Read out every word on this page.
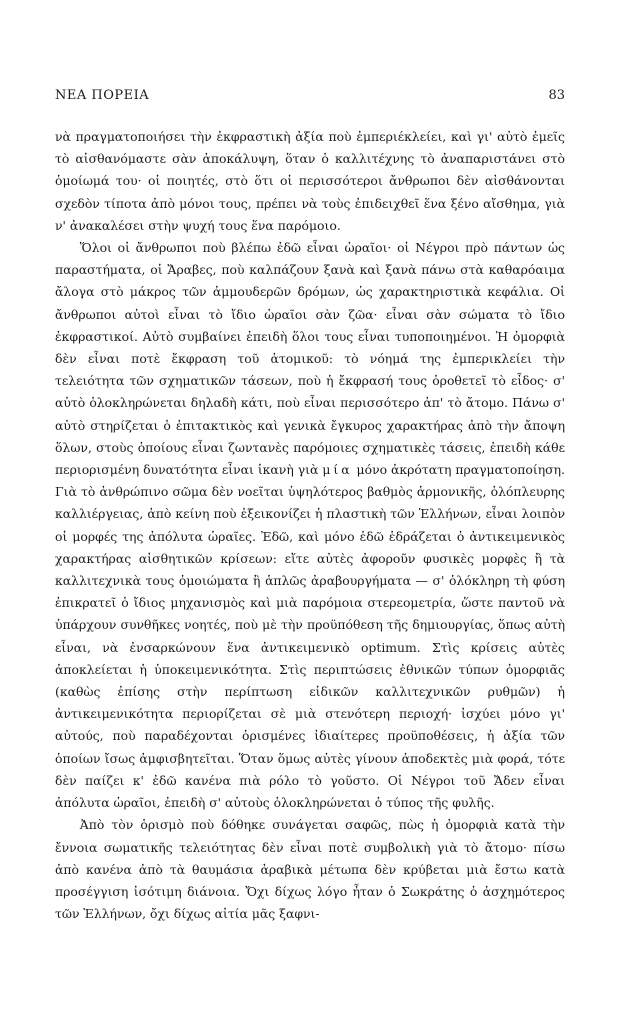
ΝΕΑ ΠΟΡΕΙΑ	83

νὰ πραγματοποιήσει τὴν ἐκφραστικὴ ἀξία ποὺ ἐμπεριέκλείει, καὶ γι' αὐτὸ ἐμεῖς τὸ αἰσθανόμαστε σὰν ἀποκάλυψη, ὅταν ὁ καλλιτέχνης τὸ ἀναπαριστάνει στὸ ὁμοίωμά του· οἱ ποιητές, στὸ ὅτι οἱ περισσότεροι ἄνθρωποι δὲν αἰσθάνονται σχεδὸν τίποτα ἀπὸ μόνοι τους, πρέπει νὰ τοὺς ἐπιδειχθεῖ ἕνα ξένο αἴσθημα, γιὰ ν' ἀνακαλέσει στὴν ψυχή τους ἕνα παρόμοιο.

Ὅλοι οἱ ἄνθρωποι ποὺ βλέπω ἐδῶ εἶναι ὡραῖοι· οἱ Νέγροι πρὸ πάντων ὡς παραστήματα, οἱ Ἄραβες, ποὺ καλπάζουν ξανὰ καὶ ξανὰ πάνω στὰ καθαρόαιμα ἄλογα στὸ μάκρος τῶν ἀμμουδερῶν δρόμων, ὡς χαρακτηριστικὰ κεφάλια. Οἱ ἄνθρωποι αὐτοὶ εἶναι τὸ ἴδιο ὡραῖοι σὰν ζῶα· εἶναι σὰν σώματα τὸ ἴδιο ἐκφραστικοί. Αὐτὸ συμβαίνει ἐπειδὴ ὅλοι τους εἶναι τυποποιημένοι. Ἡ ὀμορφιὰ δὲν εἶναι ποτὲ ἔκφραση τοῦ ἀτομικοῦ: τὸ νόημά της ἐμπερικλείει τὴν τελειότητα τῶν σχηματικῶν τάσεων, ποὺ ἡ ἔκφρασή τους ὁροθετεῖ τὸ εἶδος· σ' αὐτὸ ὁλοκληρώνεται δηλαδὴ κάτι, ποὺ εἶναι περισσότερο ἀπ' τὸ ἄτομο. Πάνω σ' αὐτὸ στηρίζεται ὁ ἐπιτακτικὸς καὶ γενικὰ ἔγκυρος χαρακτήρας ἀπὸ τὴν ἄποψη ὅλων, στοὺς ὁποίους εἶναι ζωντανὲς παρόμοιες σχηματικὲς τάσεις, ἐπειδὴ κάθε περιορισμένη δυνατότητα εἶναι ἱκανὴ γιὰ μία μόνο ἀκρότατη πραγματοποίηση. Γιὰ τὸ ἀνθρώπινο σῶμα δὲν νοεῖται ὑψηλότερος βαθμὸς ἁρμονικῆς, ὁλόπλευρης καλλιέργειας, ἀπὸ κείνη ποὺ ἐξεικονίζει ἡ πλαστικὴ τῶν Ἑλλήνων, εἶναι λοιπὸν οἱ μορφές της ἀπόλυτα ὡραῖες. Ἐδῶ, καὶ μόνο ἐδῶ ἑδράζεται ὁ ἀντικειμενικὸς χαρακτήρας αἰσθητικῶν κρίσεων: εἴτε αὐτὲς ἀφοροῦν φυσικὲς μορφὲς ἢ τὰ καλλιτεχνικὰ τους ὁμοιώματα ἢ ἁπλῶς ἀραβουργήματα — σ' ὁλόκληρη τὴ φύση ἐπικρατεῖ ὁ ἴδιος μηχανισμὸς καὶ μιὰ παρόμοια στερεομετρία, ὥστε παντοῦ νὰ ὑπάρχουν συνθῆκες νοητές, ποὺ μὲ τὴν προϋπόθεση τῆς δημιουργίας, ὅπως αὐτὴ εἶναι, νὰ ἐνσαρκώνουν ἕνα ἀντικειμενικὸ optimum. Στὶς κρίσεις αὐτὲς ἀποκλείεται ἡ ὑποκειμενικότητα. Στὶς περιπτώσεις ἐθνικῶν τύπων ὀμορφιᾶς (καθὼς ἐπίσης στὴν περίπτωση εἰδικῶν καλλιτεχνικῶν ρυθμῶν) ἡ ἀντικειμενικότητα περιορίζεται σὲ μιὰ στενότερη περιοχή· ἰσχύει μόνο γι' αὐτούς, ποὺ παραδέχονται ὁρισμένες ἰδιαίτερες προϋποθέσεις, ἡ ἀξία τῶν ὁποίων ἴσως ἀμφισβητεῖται. Ὅταν ὅμως αὐτὲς γίνουν ἀποδεκτὲς μιὰ φορά, τότε δὲν παίζει κ' ἐδῶ κανένα πιὰ ρόλο τὸ γοῦστο. Οἱ Νέγροι τοῦ Ἄδεν εἶναι ἀπόλυτα ὡραῖοι, ἐπειδὴ σ' αὐτοὺς ὁλοκληρώνεται ὁ τύπος τῆς φυλῆς.

Ἀπὸ τὸν ὁρισμὸ ποὺ δόθηκε συνάγεται σαφῶς, πὼς ἡ ὀμορφιὰ κατὰ τὴν ἔννοια σωματικῆς τελειότητας δὲν εἶναι ποτὲ συμβολικὴ γιὰ τὸ ἄτομο· πίσω ἀπὸ κανένα ἀπὸ τὰ θαυμάσια ἀραβικὰ μέτωπα δὲν κρύβεται μιὰ ἔστω κατὰ προσέγγιση ἰσότιμη διάνοια. Ὄχι δίχως λόγο ἦταν ὁ Σωκράτης ὁ ἀσχημότερος τῶν Ἑλλήνων, ὄχι δίχως αἰτία μᾶς ξαφνι-
